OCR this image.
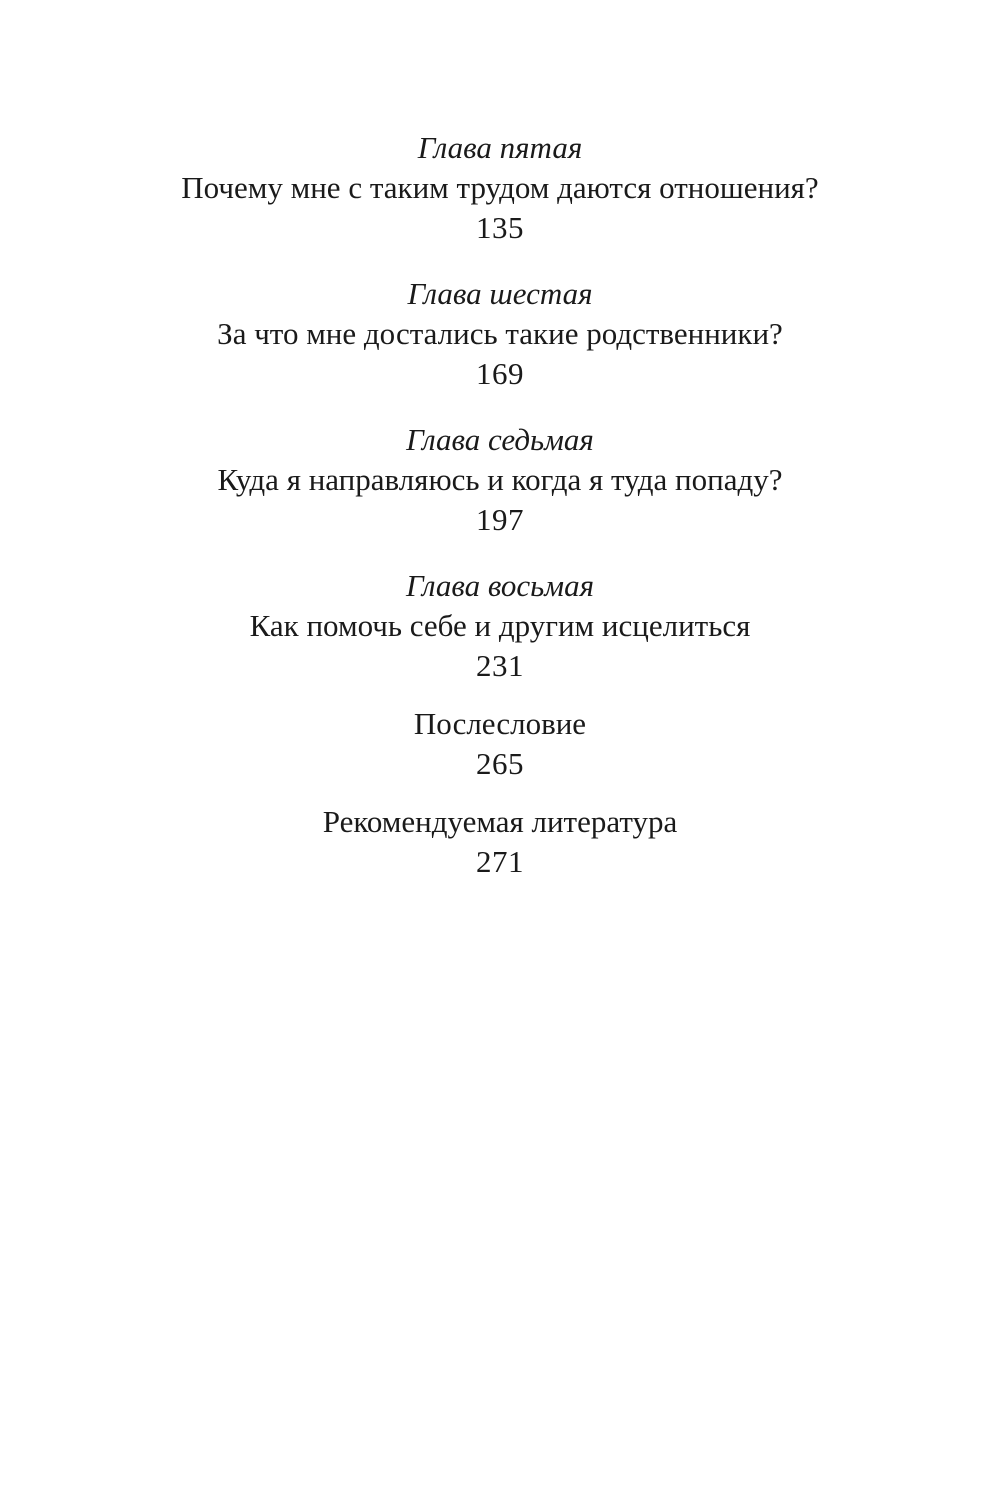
Глава пятая
Почему мне с таким трудом даются отношения?
135
Глава шестая
За что мне достались такие родственники?
169
Глава седьмая
Куда я направляюсь и когда я туда попаду?
197
Глава восьмая
Как помочь себе и другим исцелиться
231
Послесловие
265
Рекомендуемая литература
271
